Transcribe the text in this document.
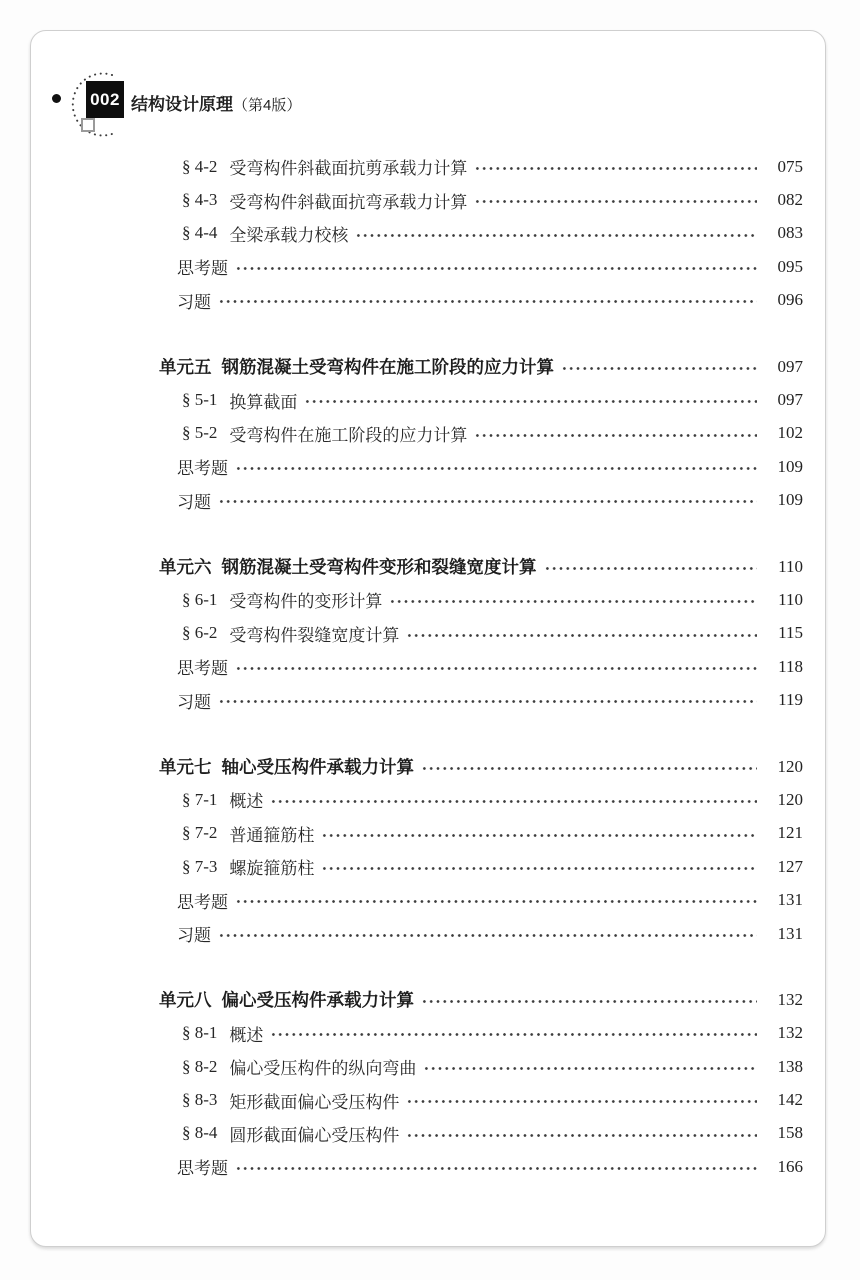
002 结构设计原理（第4版）
§ 4-2 受弯构件斜截面抗剪承载力计算	075
§ 4-3 受弯构件斜截面抗弯承载力计算	082
§ 4-4 全梁承载力校核	083
思考题	095
习题	096
单元五 钢筋混凝土受弯构件在施工阶段的应力计算	097
§ 5-1 换算截面	097
§ 5-2 受弯构件在施工阶段的应力计算	102
思考题	109
习题	109
单元六 钢筋混凝土受弯构件变形和裂缝宽度计算	110
§ 6-1 受弯构件的变形计算	110
§ 6-2 受弯构件裂缝宽度计算	115
思考题	118
习题	119
单元七 轴心受压构件承载力计算	120
§ 7-1 概述	120
§ 7-2 普通箍筋柱	121
§ 7-3 螺旋箍筋柱	127
思考题	131
习题	131
单元八 偏心受压构件承载力计算	132
§ 8-1 概述	132
§ 8-2 偏心受压构件的纵向弯曲	138
§ 8-3 矩形截面偏心受压构件	142
§ 8-4 圆形截面偏心受压构件	158
思考题	166
